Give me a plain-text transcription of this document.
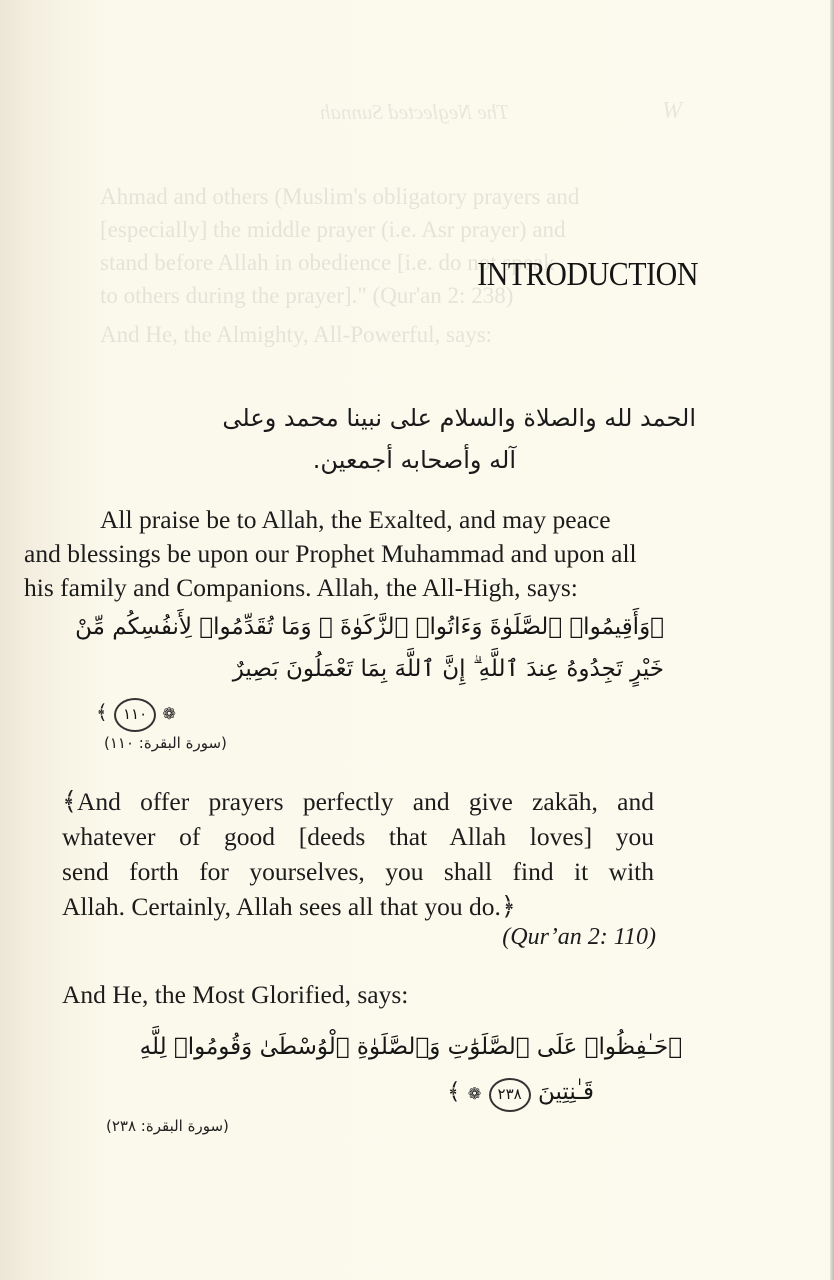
The Neglected Sunnah	W
Ahmad and others (Muslim's obligatory prayers and
[especially] the middle prayer (i.e. Asr prayer) and
stand before Allah in obedience [i.e. do not speak
to others during the prayer]." (Qur'an 2: 238)
And He, the Almighty, All-Powerful, says:
INTRODUCTION
الحمد لله والصلاة والسلام على نبينا محمد وعلى
آله وأصحابه أجمعين.
All praise be to Allah, the Exalted, and may peace
and blessings be upon our Prophet Muhammad and upon all
his family and Companions. Allah, the All-High, says:
﴿وَأَقِيمُوا۟ ٱلصَّلَوٰةَ وَءَاتُوا۟ ٱلزَّكَوٰةَ ۚ وَمَا تُقَدِّمُوا۟ لِأَنفُسِكُم مِّنْ
خَيْرٍ تَجِدُوهُ عِندَ ٱللَّهِ ۗ إِنَّ ٱللَّهَ بِمَا تَعْمَلُونَ بَصِيرٌ
❁ ١١٠ ﴾
(سورة البقرة: ١١٠)
﴾And offer prayers perfectly and give zakāh, and
whatever of good [deeds that Allah loves] you
send forth for yourselves, you shall find it with
Allah. Certainly, Allah sees all that you do.﴿
(Qur’an 2: 110)
And He, the Most Glorified, says:
﴿حَـٰفِظُوا۟ عَلَى ٱلصَّلَوَٰتِ وَٱلصَّلَوٰةِ ٱلْوُسْطَىٰ وَقُومُوا۟ لِلَّهِ
قَـٰنِتِينَ ٢٣٨ ❁ ﴾
(سورة البقرة: ٢٣٨)
